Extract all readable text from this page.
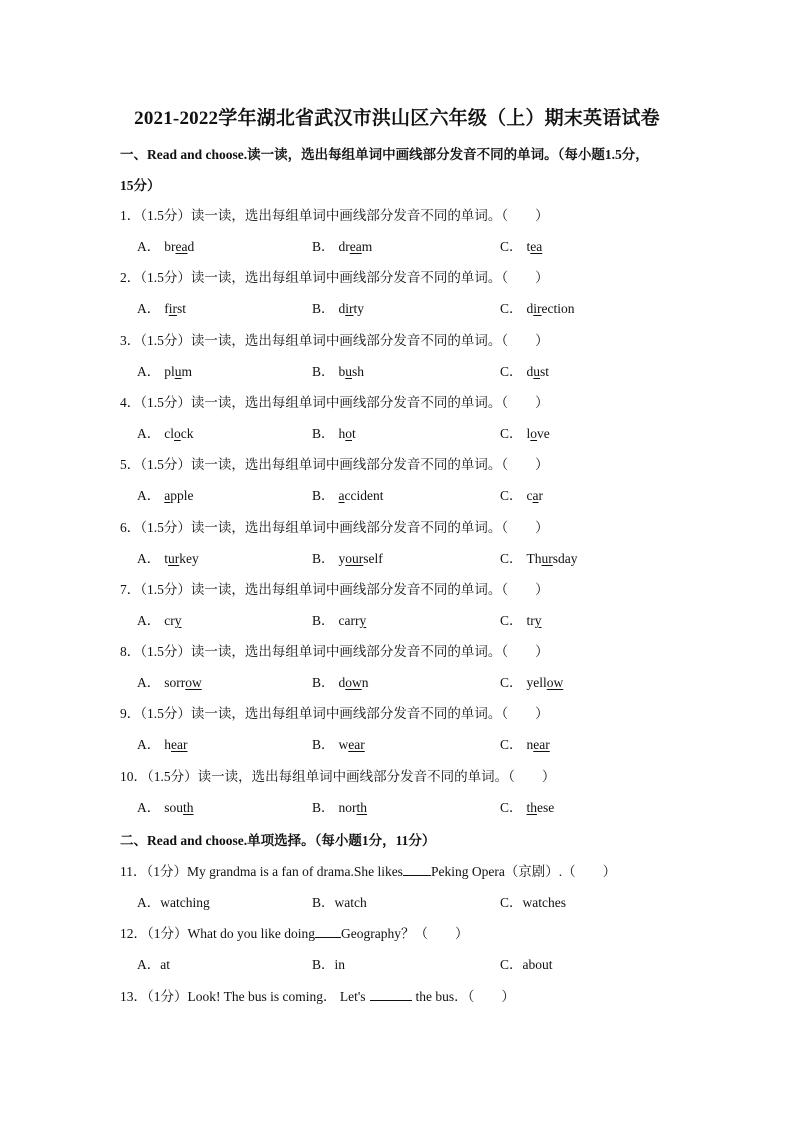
2021-2022学年湖北省武汉市洪山区六年级（上）期末英语试卷
一、Read and choose.读一读，选出每组单词中画线部分发音不同的单词。（每小题1.5分，
15分）
1．（1.5分）读一读，选出每组单词中画线部分发音不同的单词。（　　）
A． bread	B． dream	C． tea
2．（1.5分）读一读，选出每组单词中画线部分发音不同的单词。（　　）
A． first	B． dirty	C． direction
3．（1.5分）读一读，选出每组单词中画线部分发音不同的单词。（　　）
A． plum	B． bush	C． dust
4．（1.5分）读一读，选出每组单词中画线部分发音不同的单词。（　　）
A． clock	B． hot	C． love
5．（1.5分）读一读，选出每组单词中画线部分发音不同的单词。（　　）
A． apple	B． accident	C． car
6．（1.5分）读一读，选出每组单词中画线部分发音不同的单词。（　　）
A． turkey	B． yourself	C． Thursday
7．（1.5分）读一读，选出每组单词中画线部分发音不同的单词。（　　）
A． cry	B． carry	C． try
8．（1.5分）读一读，选出每组单词中画线部分发音不同的单词。（　　）
A． sorrow	B． down	C． yellow
9．（1.5分）读一读，选出每组单词中画线部分发音不同的单词。（　　）
A． hear	B． wear	C． near
10．（1.5分）读一读，选出每组单词中画线部分发音不同的单词。（　　）
A． south	B． north	C． these
二、Read and choose.单项选择。（每小题1分，11分）
11．（1分）My grandma is a fan of drama.She likes Peking Opera（京剧）.（　　）
A．watching	B．watch	C．watches
12．（1分）What do you like doing Geography？（　　）
A．at	B．in	C．about
13．（1分）Look! The bus is coming． Let's	the bus．（　　）
